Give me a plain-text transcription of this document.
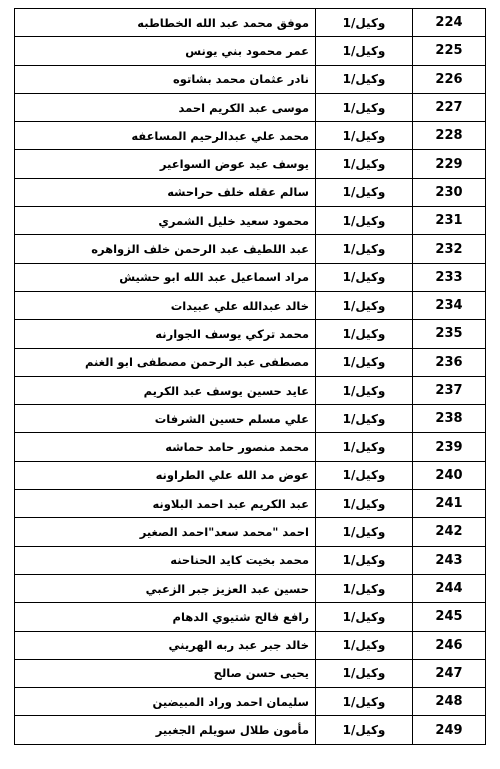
224	وكيل/1	موفق محمد عبد الله الخطاطبه
225	وكيل/1	عمر محمود بني يونس
226	وكيل/1	نادر عثمان محمد بشاتوه
227	وكيل/1	موسى عبد الكريم احمد
228	وكيل/1	محمد علي عبدالرحيم المساعفه
229	وكيل/1	يوسف عيد عوض السواعير
230	وكيل/1	سالم عقله خلف حراحشه
231	وكيل/1	محمود سعيد خليل الشمري
232	وكيل/1	عبد اللطيف عبد الرحمن خلف الزواهره
233	وكيل/1	مراد اسماعيل عبد الله ابو حشيش
234	وكيل/1	خالد عبدالله علي عبيدات
235	وكيل/1	محمد تركي يوسف الجوارنه
236	وكيل/1	مصطفى عبد الرحمن مصطفى ابو الغنم
237	وكيل/1	عايد حسين يوسف عبد الكريم
238	وكيل/1	علي مسلم حسين الشرفات
239	وكيل/1	محمد منصور حامد حماشه
240	وكيل/1	عوض مد الله علي الطراونه
241	وكيل/1	عبد الكريم عبد احمد البلاونه
242	وكيل/1	احمد "محمد سعد"احمد الصغير
243	وكيل/1	محمد بخيت كايد الحناحنه
244	وكيل/1	حسين عبد العزيز جبر الزعبي
245	وكيل/1	رافع فالح شتيوي الدهام
246	وكيل/1	خالد جبر عبد ربه الهريني
247	وكيل/1	يحيى حسن صالح
248	وكيل/1	سليمان احمد وراد المبيضين
249	وكيل/1	مأمون طلال سويلم الجغبير
